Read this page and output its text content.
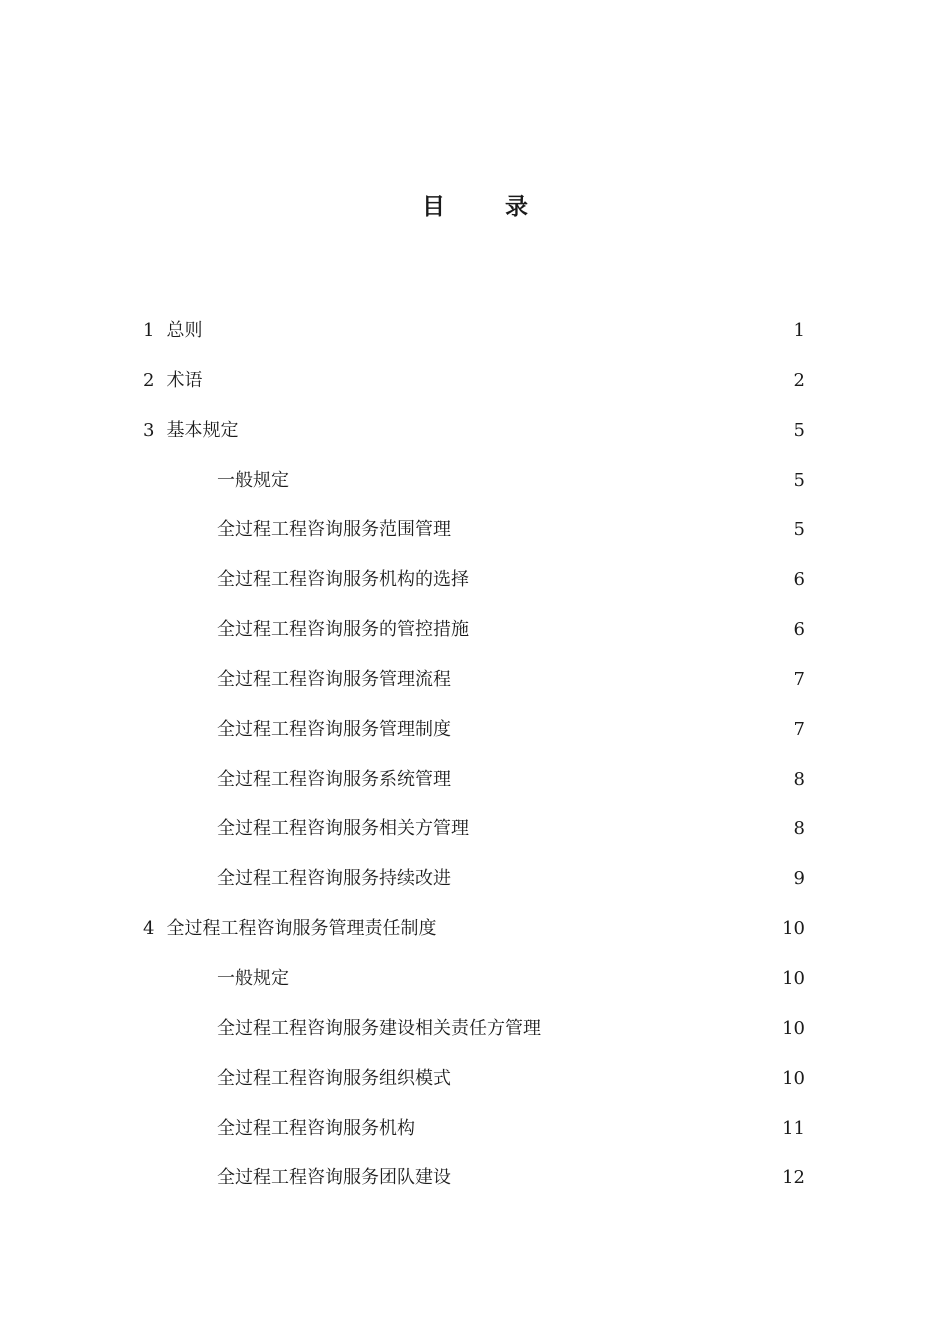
目 录
1 总则	1
2 术语	2
3 基本规定	5
一般规定	5
全过程工程咨询服务范围管理	5
全过程工程咨询服务机构的选择	6
全过程工程咨询服务的管控措施	6
全过程工程咨询服务管理流程	7
全过程工程咨询服务管理制度	7
全过程工程咨询服务系统管理	8
全过程工程咨询服务相关方管理	8
全过程工程咨询服务持续改进	9
4 全过程工程咨询服务管理责任制度	10
一般规定	10
全过程工程咨询服务建设相关责任方管理	10
全过程工程咨询服务组织模式	10
全过程工程咨询服务机构	11
全过程工程咨询服务团队建设	12
